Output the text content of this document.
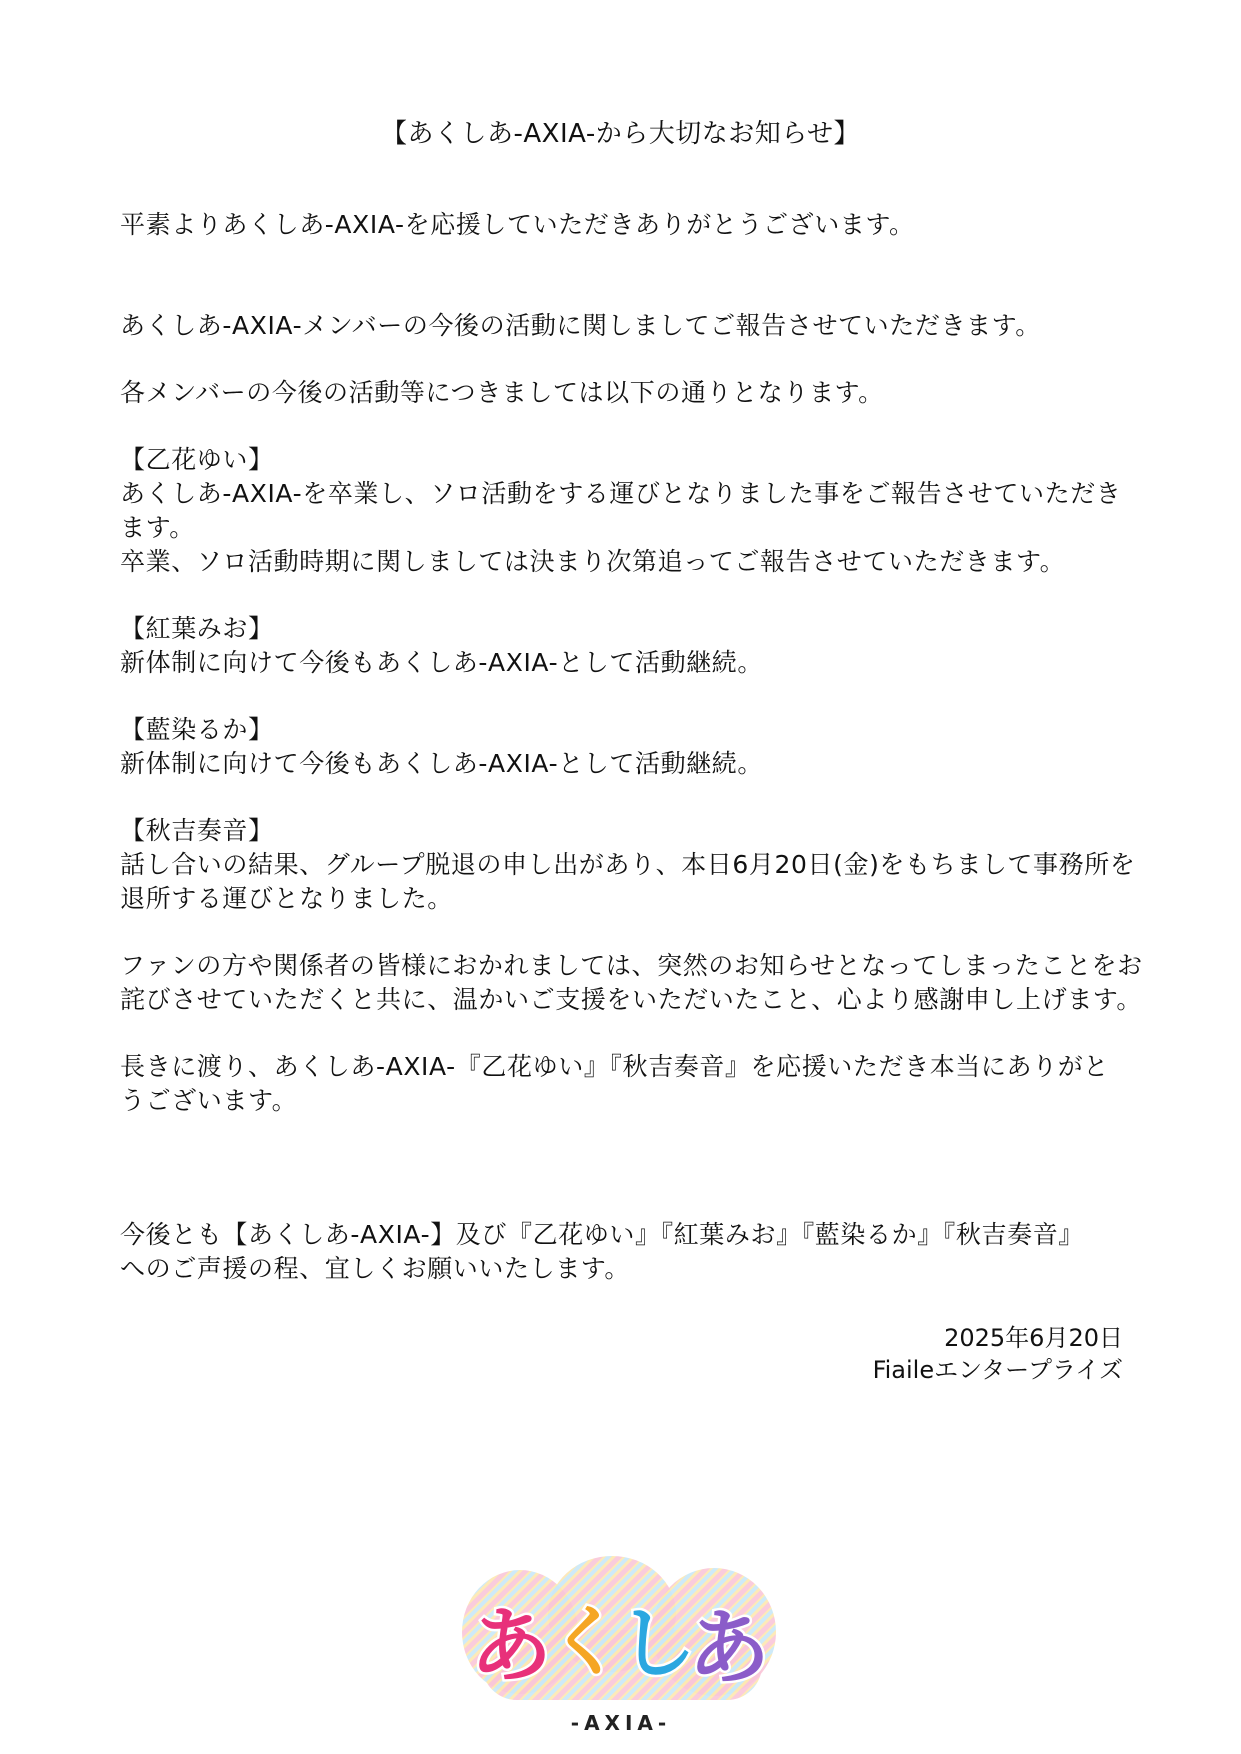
【あくしあ-AXIA-から大切なお知らせ】
平素よりあくしあ-AXIA-を応援していただきありがとうございます。
あくしあ-AXIA-メンバーの今後の活動に関しましてご報告させていただきます。
各メンバーの今後の活動等につきましては以下の通りとなります。
【乙花ゆい】
あくしあ-AXIA-を卒業し、ソロ活動をする運びとなりました事をご報告させていただき
ます。
卒業、ソロ活動時期に関しましては決まり次第追ってご報告させていただきます。
【紅葉みお】
新体制に向けて今後もあくしあ-AXIA-として活動継続。
【藍染るか】
新体制に向けて今後もあくしあ-AXIA-として活動継続。
【秋吉奏音】
話し合いの結果、グループ脱退の申し出があり、本日6月20日(金)をもちまして事務所を
退所する運びとなりました。
ファンの方や関係者の皆様におかれましては、突然のお知らせとなってしまったことをお
詫びさせていただくと共に、温かいご支援をいただいたこと、心より感謝申し上げます。
長きに渡り、あくしあ-AXIA-『乙花ゆい』『秋吉奏音』を応援いただき本当にありがと
うございます。
今後とも【あくしあ-AXIA-】及び『乙花ゆい』『紅葉みお』『藍染るか』『秋吉奏音』
へのご声援の程、宜しくお願いいたします。
2025年6月20日
Fiaileエンタープライズ
あ
く
し
あ
-AXIA-
